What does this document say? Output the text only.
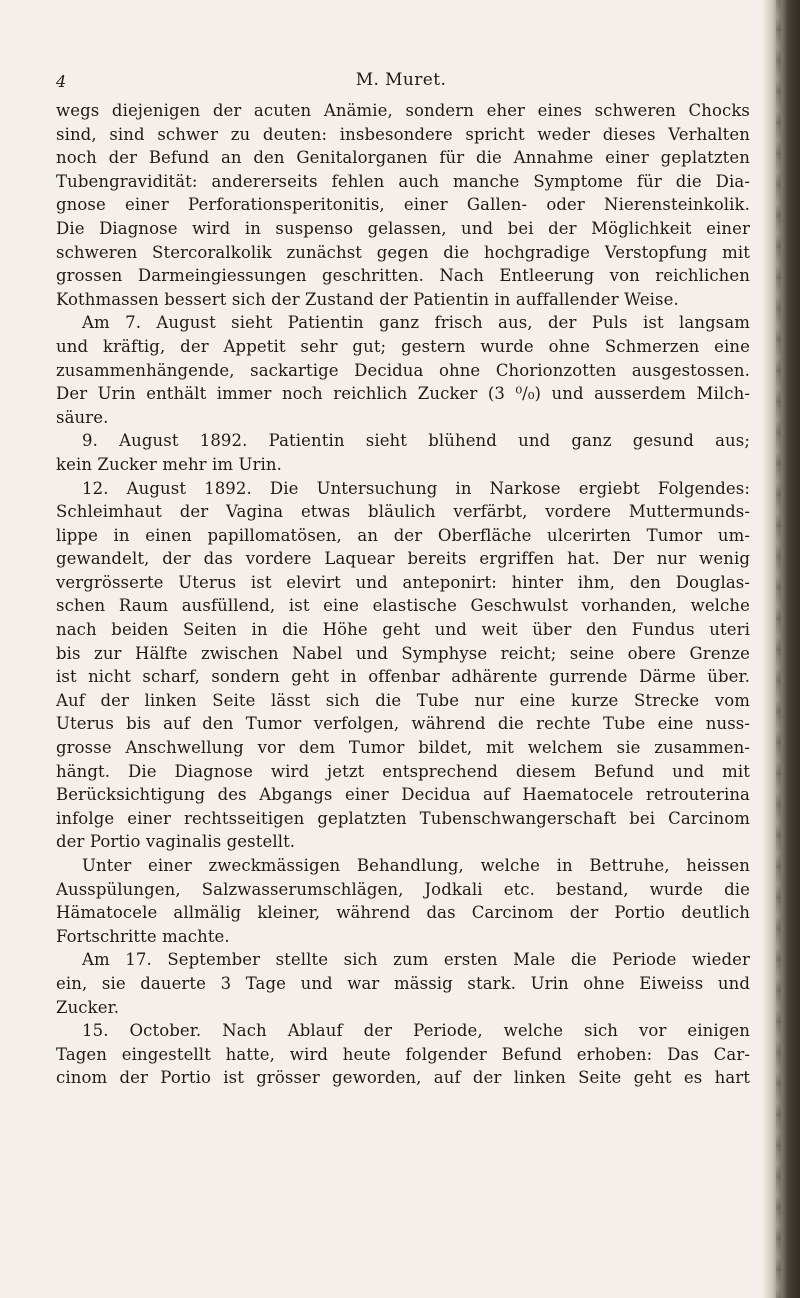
4	M. Muret.

wegs diejenigen der acuten Anämie, sondern eher eines schweren Chocks
sind, sind schwer zu deuten: insbesondere spricht weder dieses Verhalten
noch der Befund an den Genitalorganen für die Annahme einer geplatzten
Tubengravidität: andererseits fehlen auch manche Symptome für die Dia-
gnose einer Perforationsperitonitis, einer Gallen- oder Nierensteinkolik.
Die Diagnose wird in suspenso gelassen, und bei der Möglichkeit einer
schweren Stercoralkolik zunächst gegen die hochgradige Verstopfung mit
grossen Darmeingiessungen geschritten. Nach Entleerung von reichlichen
Kothmassen bessert sich der Zustand der Patientin in auffallender Weise.

Am 7. August sieht Patientin ganz frisch aus, der Puls ist langsam
und kräftig, der Appetit sehr gut; gestern wurde ohne Schmerzen eine
zusammenhängende, sackartige Decidua ohne Chorionzotten ausgestossen.
Der Urin enthält immer noch reichlich Zucker (3 ⁰/₀) und ausserdem Milch-
säure.

9. August 1892. Patientin sieht blühend und ganz gesund aus;
kein Zucker mehr im Urin.

12. August 1892. Die Untersuchung in Narkose ergiebt Folgendes:
Schleimhaut der Vagina etwas bläulich verfärbt, vordere Muttermunds-
lippe in einen papillomatösen, an der Oberfläche ulcerirten Tumor um-
gewandelt, der das vordere Laquear bereits ergriffen hat. Der nur wenig
vergrösserte Uterus ist elevirt und anteponirt: hinter ihm, den Douglas-
schen Raum ausfüllend, ist eine elastische Geschwulst vorhanden, welche
nach beiden Seiten in die Höhe geht und weit über den Fundus uteri
bis zur Hälfte zwischen Nabel und Symphyse reicht; seine obere Grenze
ist nicht scharf, sondern geht in offenbar adhärente gurrende Därme über.
Auf der linken Seite lässt sich die Tube nur eine kurze Strecke vom
Uterus bis auf den Tumor verfolgen, während die rechte Tube eine nuss-
grosse Anschwellung vor dem Tumor bildet, mit welchem sie zusammen-
hängt. Die Diagnose wird jetzt entsprechend diesem Befund und mit
Berücksichtigung des Abgangs einer Decidua auf Haematocele retrouterina
infolge einer rechtsseitigen geplatzten Tubenschwangerschaft bei Carcinom
der Portio vaginalis gestellt.

Unter einer zweckmässigen Behandlung, welche in Bettruhe, heissen
Ausspülungen, Salzwasserumschlägen, Jodkali etc. bestand, wurde die
Hämatocele allmälig kleiner, während das Carcinom der Portio deutlich
Fortschritte machte.

Am 17. September stellte sich zum ersten Male die Periode wieder
ein, sie dauerte 3 Tage und war mässig stark. Urin ohne Eiweiss und
Zucker.

15. October. Nach Ablauf der Periode, welche sich vor einigen
Tagen eingestellt hatte, wird heute folgender Befund erhoben: Das Car-
cinom der Portio ist grösser geworden, auf der linken Seite geht es hart
